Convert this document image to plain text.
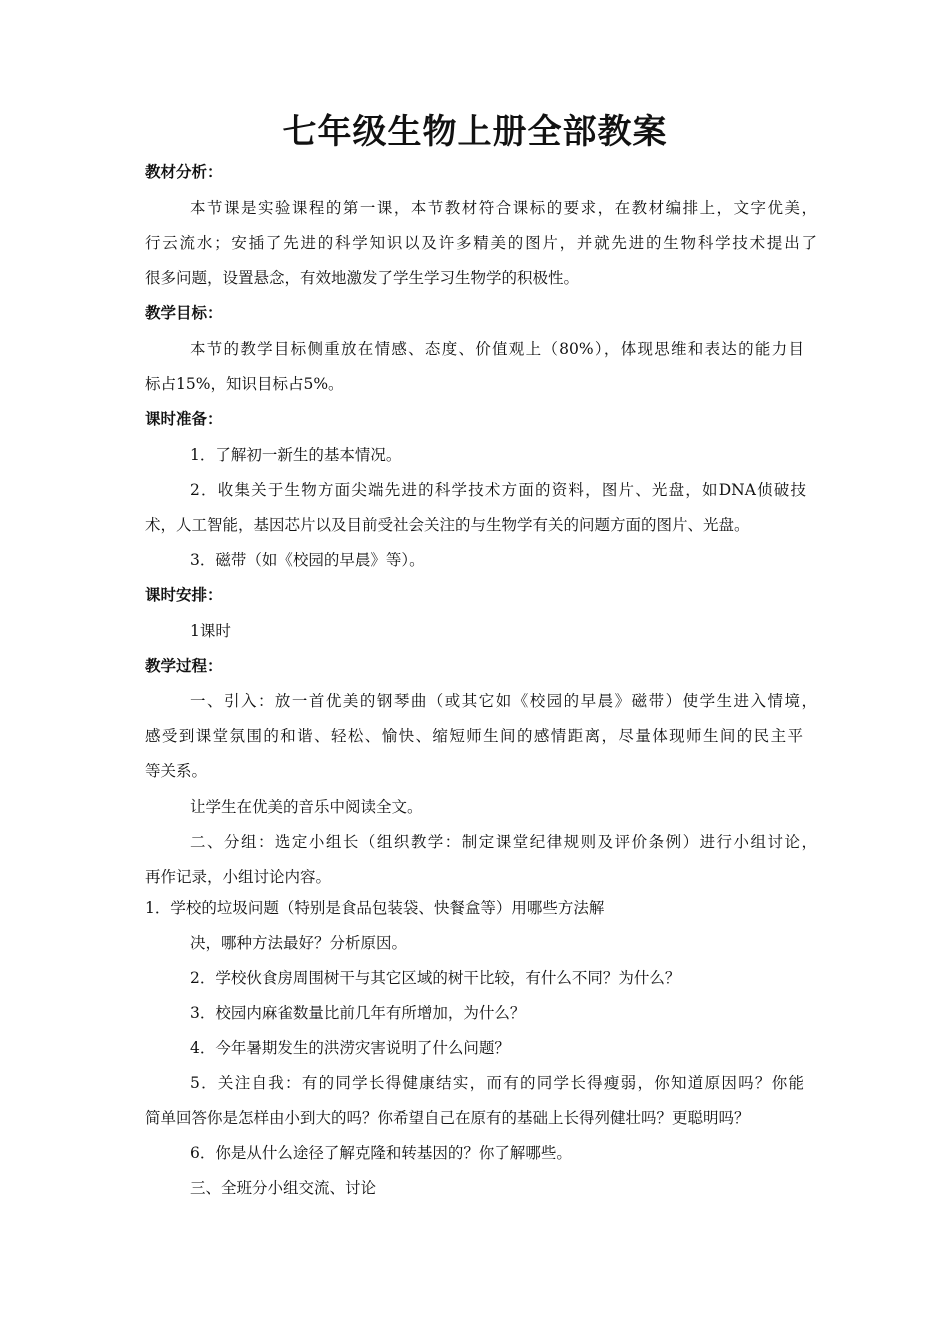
七年级生物上册全部教案
教材分析：
本节课是实验课程的第一课，本节教材符合课标的要求，在教材编排上，文字优美，
行云流水；安插了先进的科学知识以及许多精美的图片，并就先进的生物科学技术提出了
很多问题，设置悬念，有效地激发了学生学习生物学的积极性。
教学目标：
本节的教学目标侧重放在情感、态度、价值观上（80%），体现思维和表达的能力目
标占15%，知识目标占5%。
课时准备：
1．了解初一新生的基本情况。
2．收集关于生物方面尖端先进的科学技术方面的资料，图片、光盘，如DNA侦破技
术，人工智能，基因芯片以及目前受社会关注的与生物学有关的问题方面的图片、光盘。
3．磁带（如《校园的早晨》等）。
课时安排：
1课时
教学过程：
一、引入：放一首优美的钢琴曲（或其它如《校园的早晨》磁带）使学生进入情境，
感受到课堂氛围的和谐、轻松、愉快、缩短师生间的感情距离，尽量体现师生间的民主平
等关系。
让学生在优美的音乐中阅读全文。
二、分组：选定小组长（组织教学：制定课堂纪律规则及评价条例）进行小组讨论，
再作记录，小组讨论内容。
1．学校的垃圾问题（特别是食品包装袋、快餐盒等）用哪些方法解
决，哪种方法最好？分析原因。
2．学校伙食房周围树干与其它区域的树干比较，有什么不同？为什么？
3．校园内麻雀数量比前几年有所增加，为什么？
4．今年暑期发生的洪涝灾害说明了什么问题？
5．关注自我：有的同学长得健康结实，而有的同学长得瘦弱，你知道原因吗？你能
简单回答你是怎样由小到大的吗？你希望自己在原有的基础上长得列健壮吗？更聪明吗？
6．你是从什么途径了解克隆和转基因的？你了解哪些。
三、全班分小组交流、讨论
